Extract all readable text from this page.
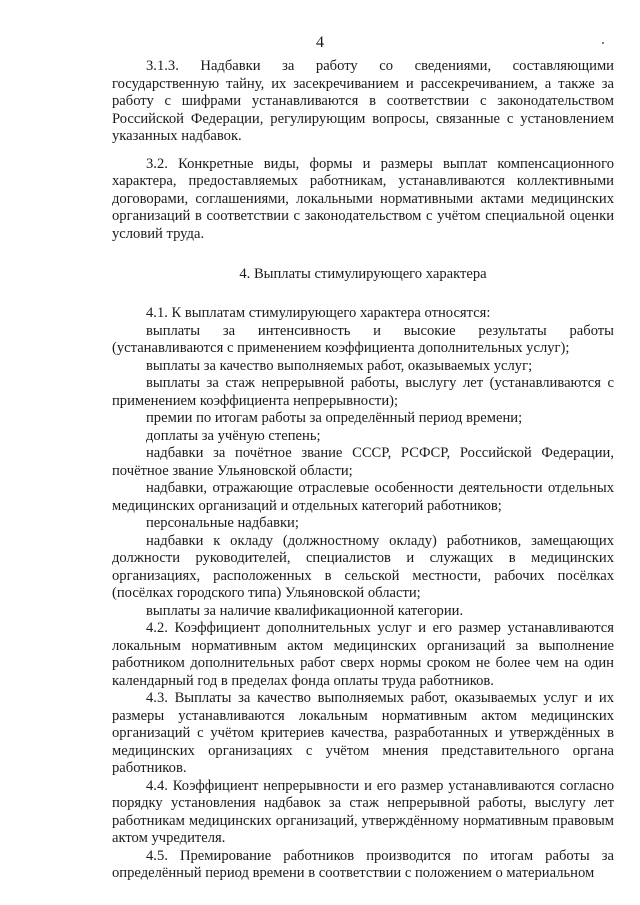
4

3.1.3. Надбавки за работу со сведениями, составляющими государственную тайну, их засекречиванием и рассекречиванием, а также за работу с шифрами устанавливаются в соответствии с законодательством Российской Федерации, регулирующим вопросы, связанные с установлением указанных надбавок.

3.2. Конкретные виды, формы и размеры выплат компенсационного характера, предоставляемых работникам, устанавливаются коллективными договорами, соглашениями, локальными нормативными актами медицинских организаций в соответствии с законодательством с учётом специальной оценки условий труда.

4. Выплаты стимулирующего характера

4.1. К выплатам стимулирующего характера относятся:

выплаты за интенсивность и высокие результаты работы (устанавливаются с применением коэффициента дополнительных услуг);

выплаты за качество выполняемых работ, оказываемых услуг;

выплаты за стаж непрерывной работы, выслугу лет (устанавливаются с применением коэффициента непрерывности);

премии по итогам работы за определённый период времени;

доплаты за учёную степень;

надбавки за почётное звание СССР, РСФСР, Российской Федерации, почётное звание Ульяновской области;

надбавки, отражающие отраслевые особенности деятельности отдельных медицинских организаций и отдельных категорий работников;

персональные надбавки;

надбавки к окладу (должностному окладу) работников, замещающих должности руководителей, специалистов и служащих в медицинских организациях, расположенных в сельской местности, рабочих посёлках (посёлках городского типа) Ульяновской области;

выплаты за наличие квалификационной категории.

4.2. Коэффициент дополнительных услуг и его размер устанавливаются локальным нормативным актом медицинских организаций за выполнение работником дополнительных работ сверх нормы сроком не более чем на один календарный год в пределах фонда оплаты труда работников.

4.3. Выплаты за качество выполняемых работ, оказываемых услуг и их размеры устанавливаются локальным нормативным актом медицинских организаций с учётом критериев качества, разработанных и утверждённых в медицинских организациях с учётом мнения представительного органа работников.

4.4. Коэффициент непрерывности и его размер устанавливаются согласно порядку установления надбавок за стаж непрерывной работы, выслугу лет работникам медицинских организаций, утверждённому нормативным правовым актом учредителя.

4.5. Премирование работников производится по итогам работы за определённый период времени в соответствии с положением о материальном
